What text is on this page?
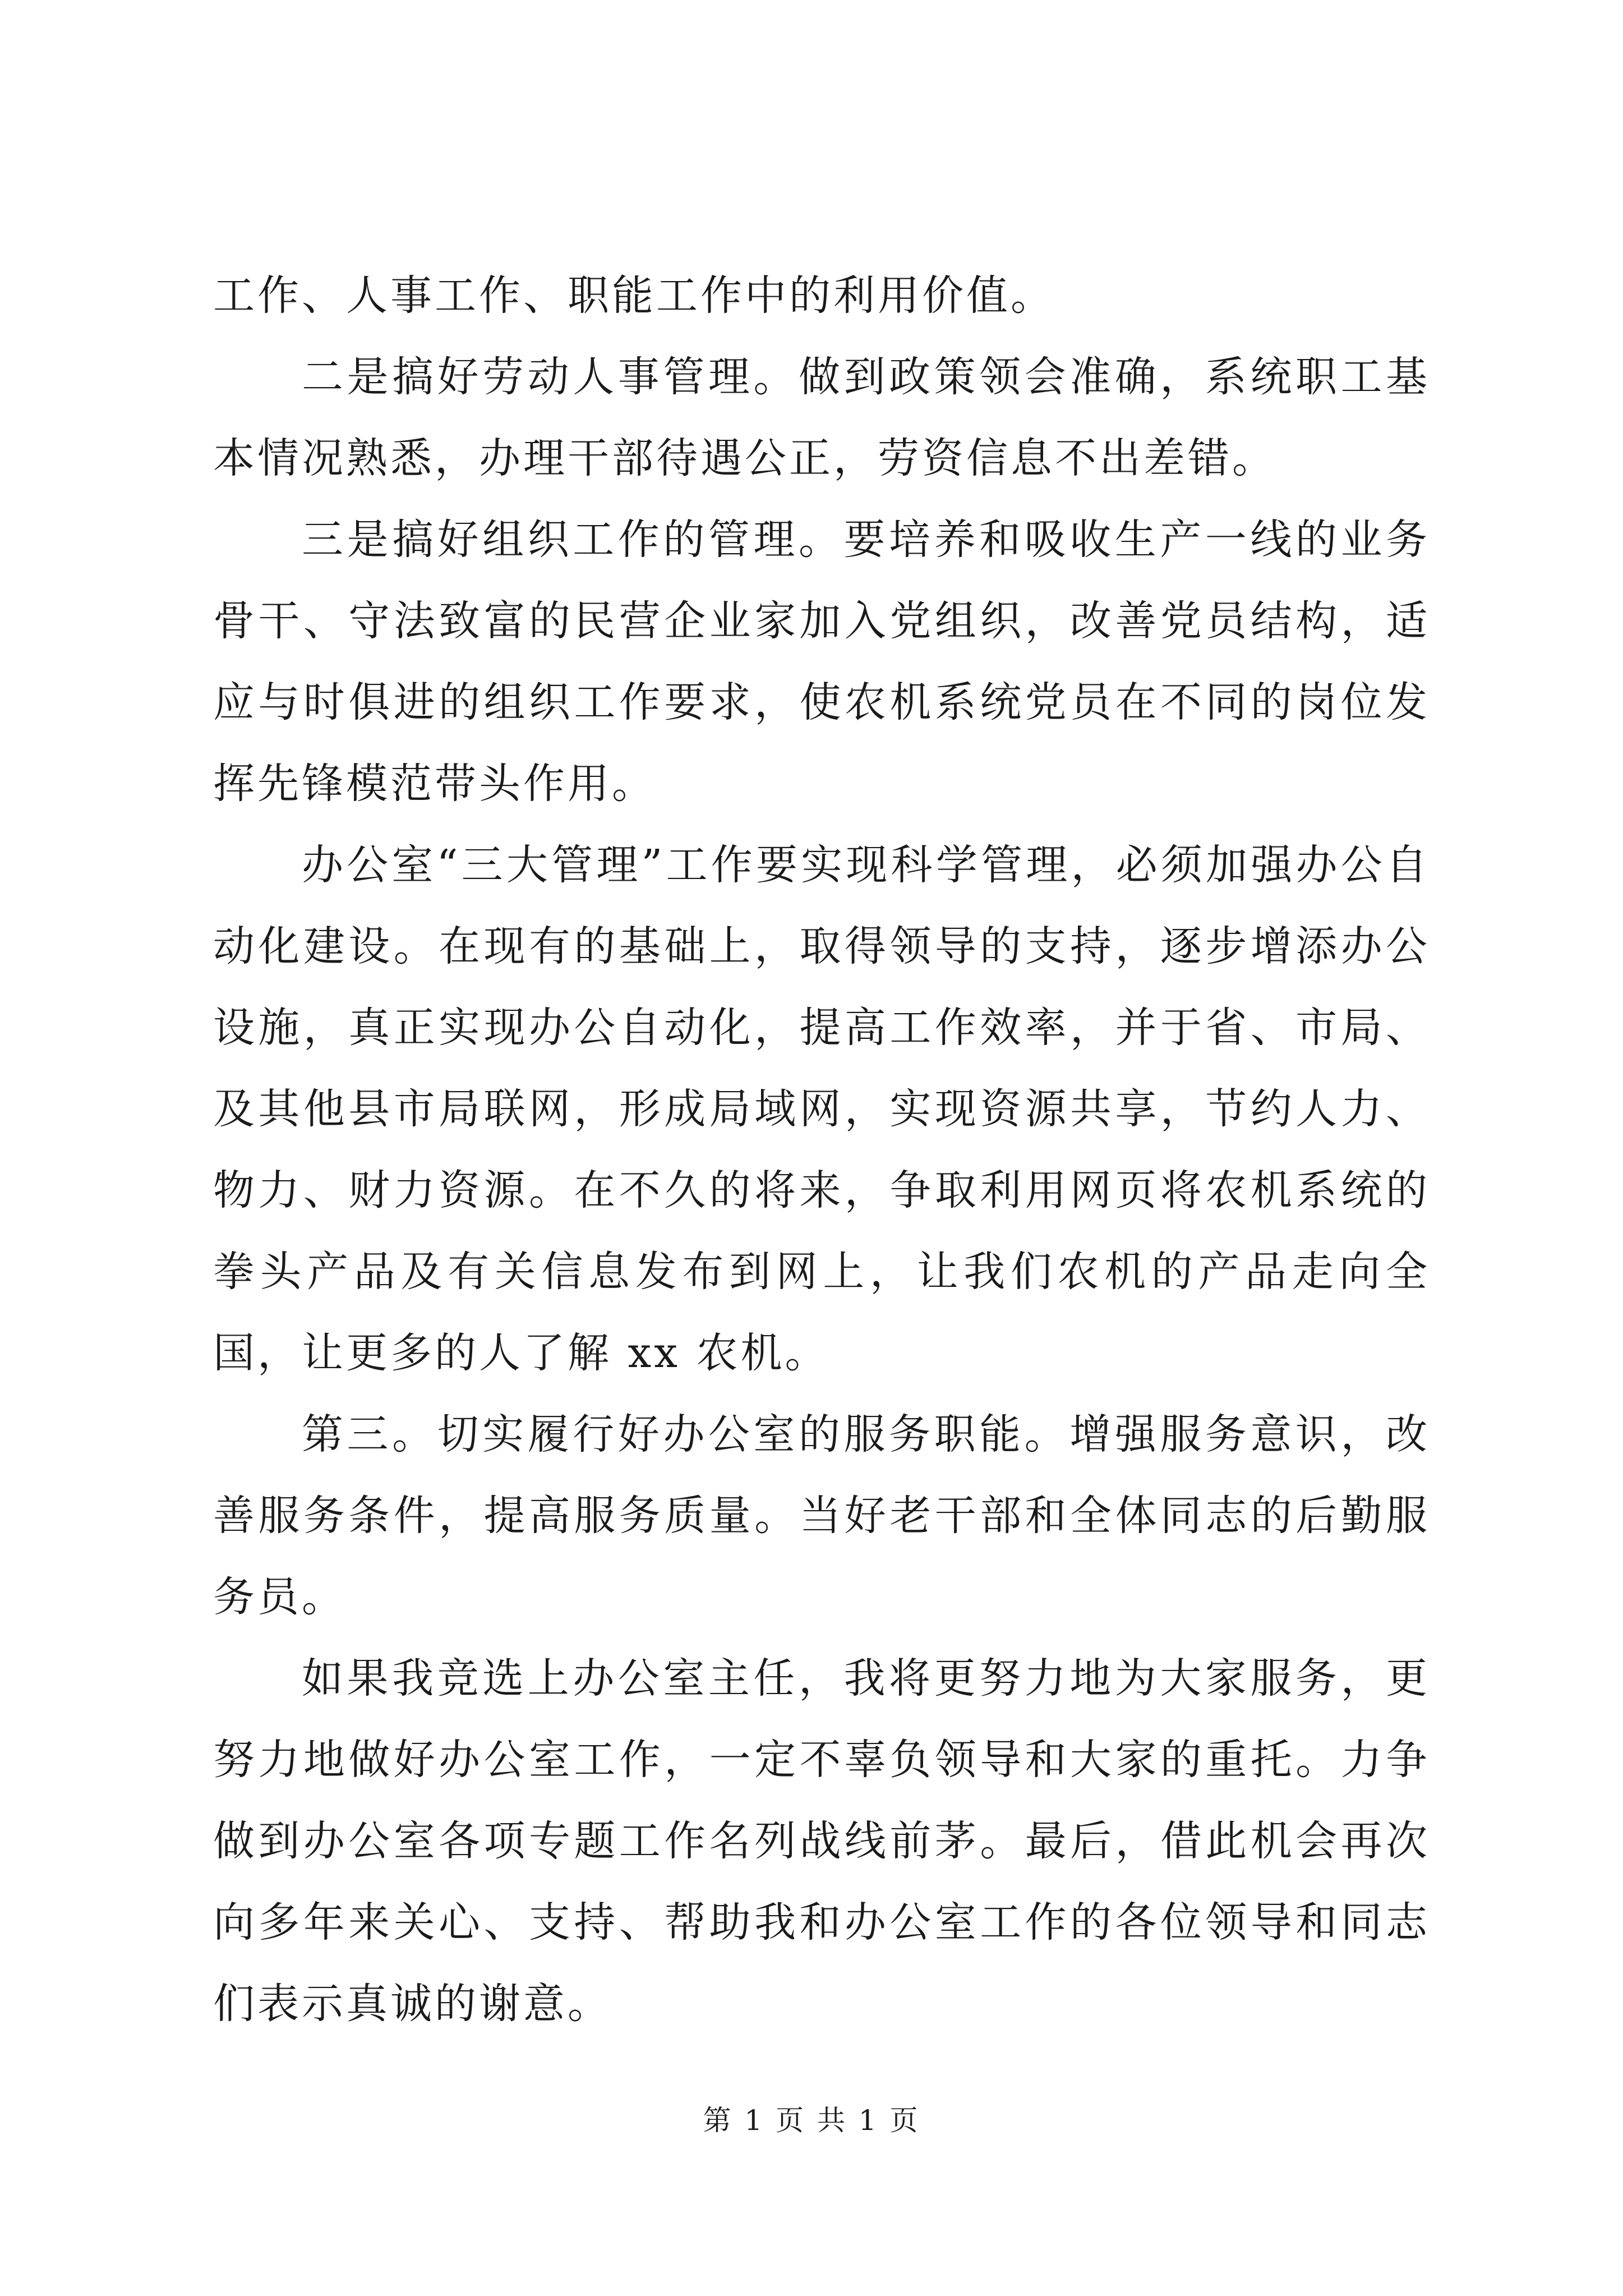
工作、人事工作、职能工作中的利用价值。

二是搞好劳动人事管理。做到政策领会准确，系统职工基本情况熟悉，办理干部待遇公正，劳资信息不出差错。

三是搞好组织工作的管理。要培养和吸收生产一线的业务骨干、守法致富的民营企业家加入党组织，改善党员结构，适应与时俱进的组织工作要求，使农机系统党员在不同的岗位发挥先锋模范带头作用。

办公室“三大管理”工作要实现科学管理，必须加强办公自动化建设。在现有的基础上，取得领导的支持，逐步增添办公设施，真正实现办公自动化，提高工作效率，并于省、市局、及其他县市局联网，形成局域网，实现资源共享，节约人力、物力、财力资源。在不久的将来，争取利用网页将农机系统的拳头产品及有关信息发布到网上，让我们农机的产品走向全国，让更多的人了解 xx 农机。

第三。切实履行好办公室的服务职能。增强服务意识，改善服务条件，提高服务质量。当好老干部和全体同志的后勤服务员。

如果我竞选上办公室主任，我将更努力地为大家服务，更努力地做好办公室工作，一定不辜负领导和大家的重托。力争做到办公室各项专题工作名列战线前茅。最后，借此机会再次向多年来关心、支持、帮助我和办公室工作的各位领导和同志们表示真诚的谢意。

第 1 页 共 1 页
